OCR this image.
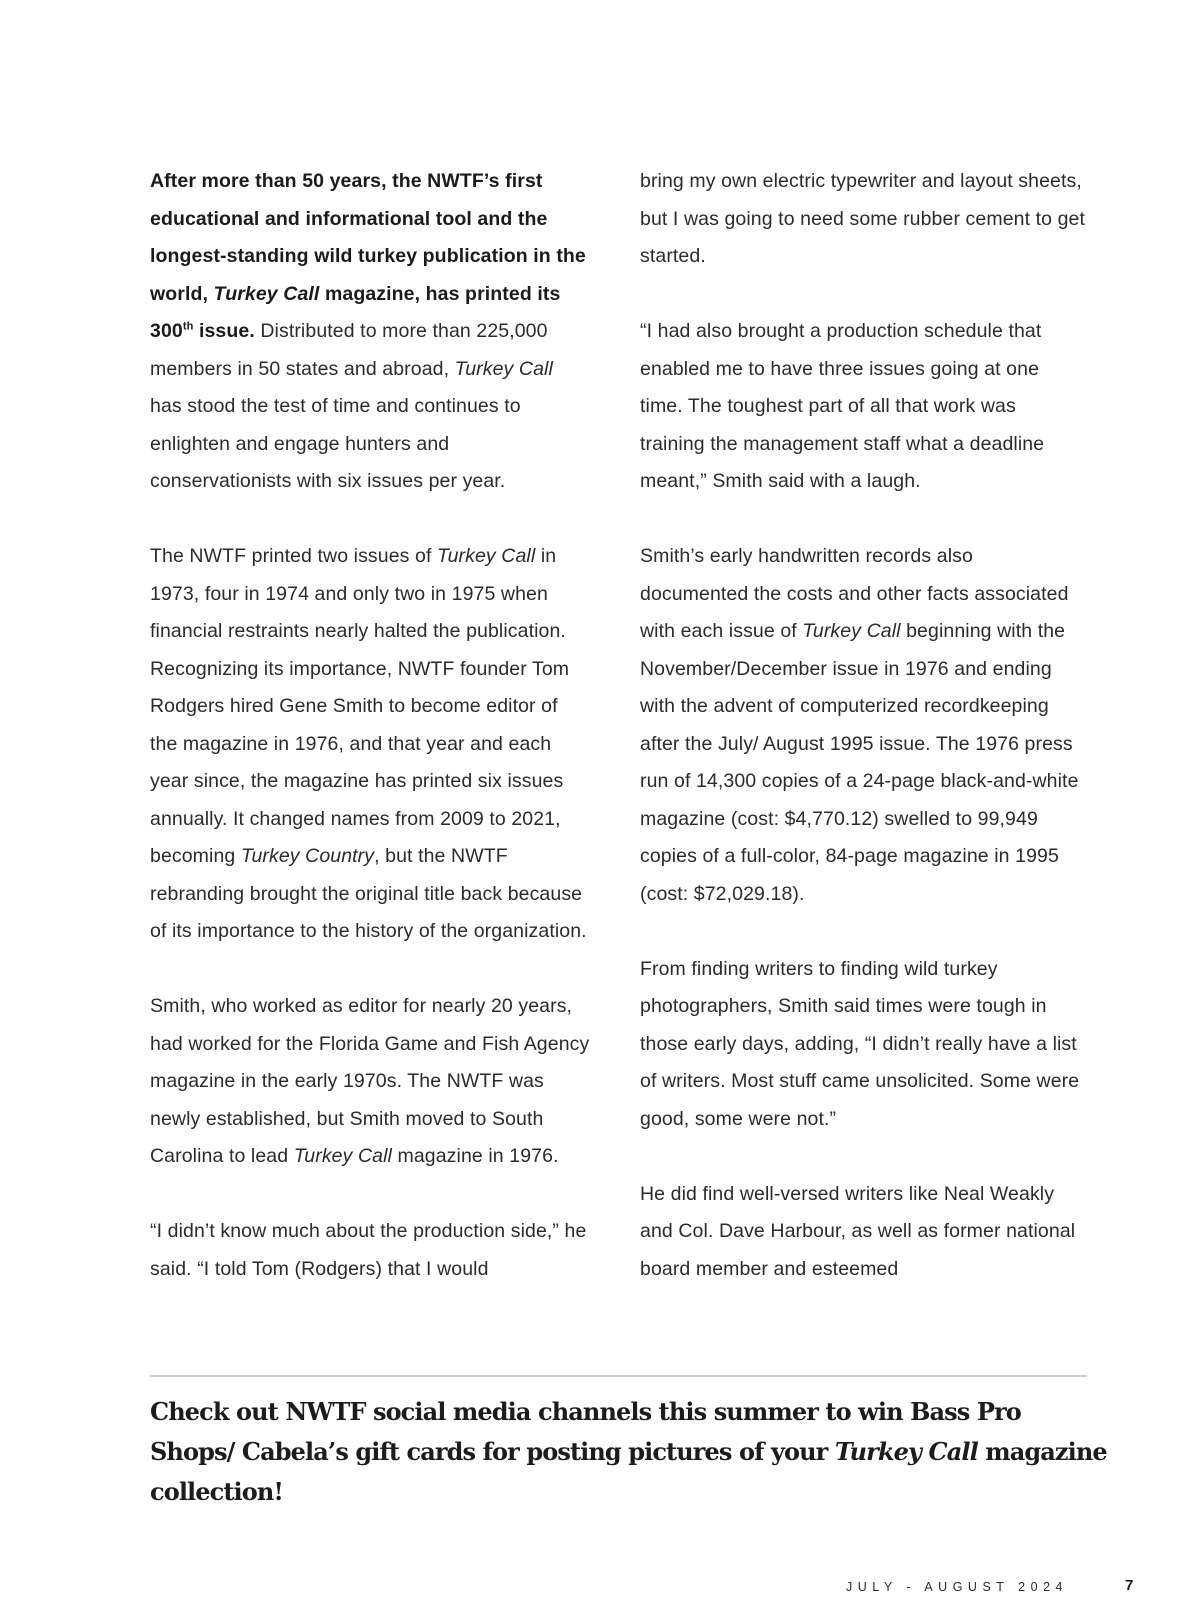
After more than 50 years, the NWTF’s first educational and informational tool and the longest-standing wild turkey publication in the world, Turkey Call magazine, has printed its 300th issue. Distributed to more than 225,000 members in 50 states and abroad, Turkey Call has stood the test of time and continues to enlighten and engage hunters and conservationists with six issues per year.

The NWTF printed two issues of Turkey Call in 1973, four in 1974 and only two in 1975 when financial restraints nearly halted the publication. Recognizing its importance, NWTF founder Tom Rodgers hired Gene Smith to become editor of the magazine in 1976, and that year and each year since, the magazine has printed six issues annually. It changed names from 2009 to 2021, becoming Turkey Country, but the NWTF rebranding brought the original title back because of its importance to the history of the organization.

Smith, who worked as editor for nearly 20 years, had worked for the Florida Game and Fish Agency magazine in the early 1970s. The NWTF was newly established, but Smith moved to South Carolina to lead Turkey Call magazine in 1976.

“I didn’t know much about the production side,” he said. “I told Tom (Rodgers) that I would

bring my own electric typewriter and layout sheets, but I was going to need some rubber cement to get started.

“I had also brought a production schedule that enabled me to have three issues going at one time. The toughest part of all that work was training the management staff what a deadline meant,” Smith said with a laugh.

Smith’s early handwritten records also documented the costs and other facts associated with each issue of Turkey Call beginning with the November/December issue in 1976 and ending with the advent of computerized recordkeeping after the July/ August 1995 issue. The 1976 press run of 14,300 copies of a 24-page black-and-white magazine (cost: $4,770.12) swelled to 99,949 copies of a full-color, 84-page magazine in 1995 (cost: $72,029.18).

From finding writers to finding wild turkey photographers, Smith said times were tough in those early days, adding, “I didn’t really have a list of writers. Most stuff came unsolicited. Some were good, some were not.”

He did find well-versed writers like Neal Weakly and Col. Dave Harbour, as well as former national board member and esteemed

Check out NWTF social media channels this summer to win Bass Pro Shops/ Cabela’s gift cards for posting pictures of your Turkey Call magazine collection!

JULY - AUGUST 2024	7
